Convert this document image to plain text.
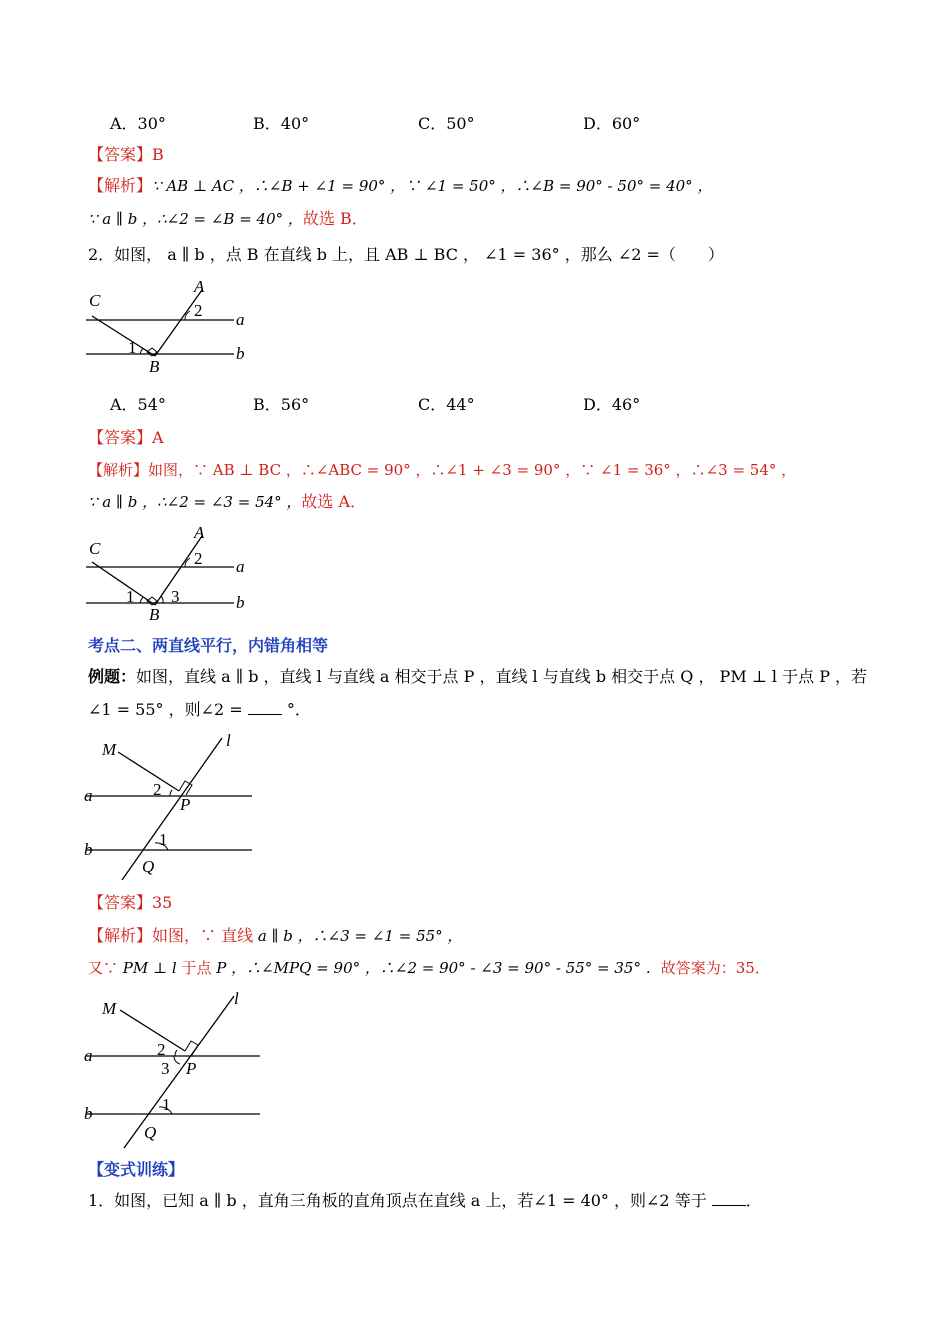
A．30°	B．40°	C．50°	D．60°
【答案】B
【解析】∵ AB ⊥ AC ，∴∠B + ∠1 = 90° ，∵ ∠1 = 50° ，∴∠B = 90° - 50° = 40° ，
∵ a ∥ b ，∴∠2 = ∠B = 40° ，故选 B．
2．如图， a ∥ b ，点 B 在直线 b 上，且 AB ⊥ BC ， ∠1 = 36° ，那么 ∠2 =（　　）
C
A
2 a
1	b
B
A．54°	B．56°	C．44°	D．46°
【答案】A
【解析】如图，∵ AB ⊥ BC ，∴∠ABC = 90° ，∴∠1 + ∠3 = 90° ，∵ ∠1 = 36° ，∴∠3 = 54° ，
∵ a ∥ b ，∴∠2 = ∠3 = 54° ，故选 A．
C
A
2 a
1 3	b
B
考点二、两直线平行，内错角相等
例题：如图，直线 a ∥ b ，直线 l 与直线 a 相交于点 P ，直线 l 与直线 b 相交于点 Q ， PM ⊥ l 于点 P ，若
∠1 = 55° ，则∠2 =	°．
M	l
a	2
P
1
b
Q
【答案】35
【解析】如图，∵ 直线 a ∥ b ，∴∠3 = ∠1 = 55° ，
又∵ PM ⊥ l 于点 P ，∴∠MPQ = 90° ，∴∠2 = 90° - ∠3 = 90° - 55° = 35° ．故答案为：35．
M
l
a	2
3 P
1
b
Q
【变式训练】
1．如图，已知 a ∥ b ，直角三角板的直角顶点在直线 a 上，若∠1 = 40° ，则∠2 等于 ．
